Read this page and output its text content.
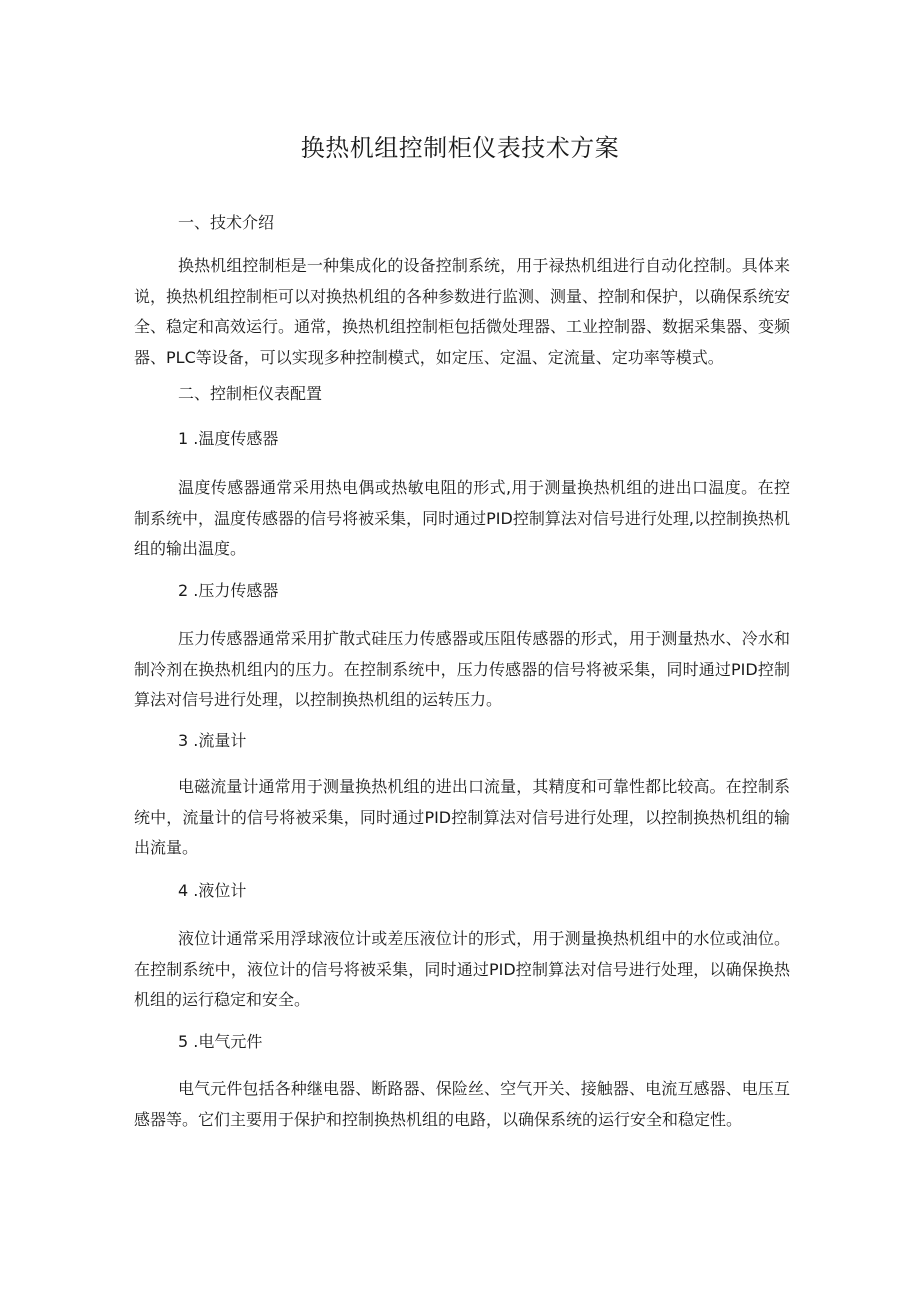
换热机组控制柜仪表技术方案
一、技术介绍

换热机组控制柜是一种集成化的设备控制系统，用于禄热机组进行自动化控制。具体来说，换热机组控制柜可以对换热机组的各种参数进行监测、测量、控制和保护，以确保系统安全、稳定和高效运行。通常，换热机组控制柜包括微处理器、工业控制器、数据采集器、变频器、PLC等设备，可以实现多种控制模式，如定压、定温、定流量、定功率等模式。

二、控制柜仪表配置
1 .温度传感器

温度传感器通常采用热电偶或热敏电阻的形式,用于测量换热机组的进出口温度。在控制系统中，温度传感器的信号将被采集，同时通过PID控制算法对信号进行处理,以控制换热机组的输出温度。

2 .压力传感器

压力传感器通常采用扩散式硅压力传感器或压阻传感器的形式，用于测量热水、冷水和制冷剂在换热机组内的压力。在控制系统中，压力传感器的信号将被采集，同时通过PID控制算法对信号进行处理，以控制换热机组的运转压力。

3 .流量计

电磁流量计通常用于测量换热机组的进出口流量，其精度和可靠性都比较高。在控制系统中，流量计的信号将被采集，同时通过PID控制算法对信号进行处理，以控制换热机组的输出流量。

4 .液位计

液位计通常采用浮球液位计或差压液位计的形式，用于测量换热机组中的水位或油位。在控制系统中，液位计的信号将被采集，同时通过PID控制算法对信号进行处理，以确保换热机组的运行稳定和安全。

5 .电气元件

电气元件包括各种继电器、断路器、保险丝、空气开关、接触器、电流互感器、电压互感器等。它们主要用于保护和控制换热机组的电路，以确保系统的运行安全和稳定性。
